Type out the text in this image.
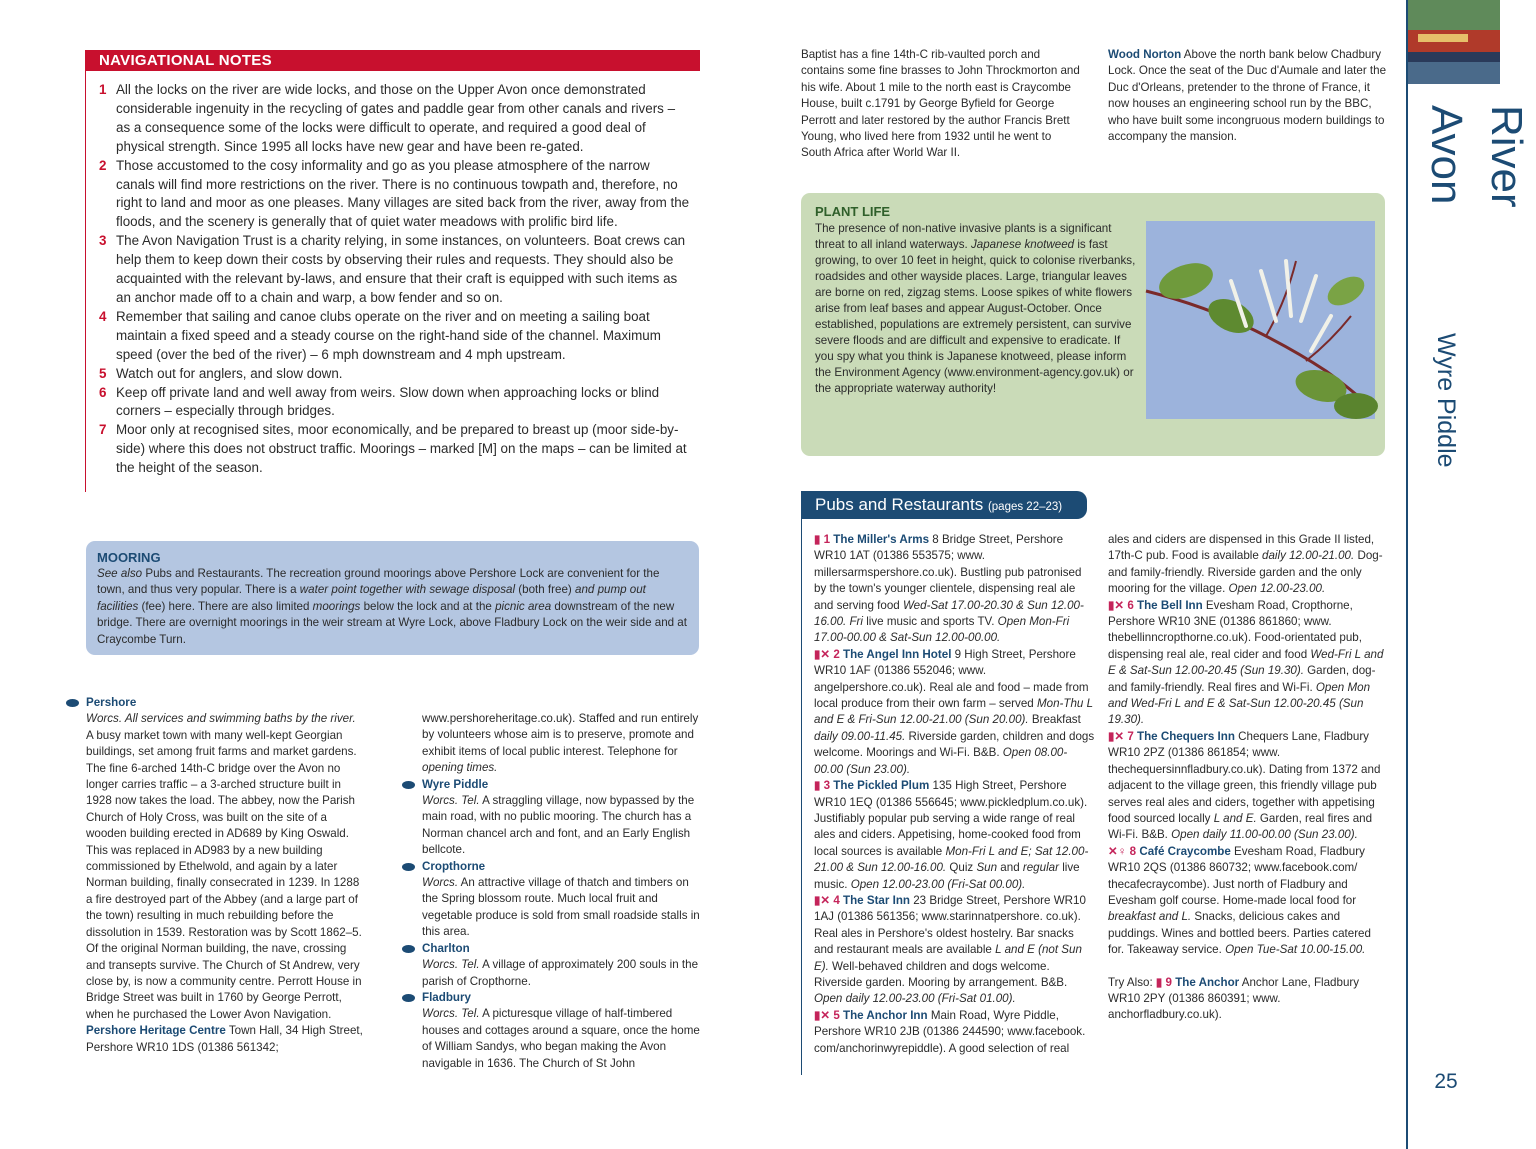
NAVIGATIONAL NOTES
1 All the locks on the river are wide locks, and those on the Upper Avon once demonstrated considerable ingenuity in the recycling of gates and paddle gear from other canals and rivers – as a consequence some of the locks were difficult to operate, and required a good deal of physical strength. Since 1995 all locks have new gear and have been re-gated.
2 Those accustomed to the cosy informality and go as you please atmosphere of the narrow canals will find more restrictions on the river. There is no continuous towpath and, therefore, no right to land and moor as one pleases. Many villages are sited back from the river, away from the floods, and the scenery is generally that of quiet water meadows with prolific bird life.
3 The Avon Navigation Trust is a charity relying, in some instances, on volunteers. Boat crews can help them to keep down their costs by observing their rules and requests. They should also be acquainted with the relevant by-laws, and ensure that their craft is equipped with such items as an anchor made off to a chain and warp, a bow fender and so on.
4 Remember that sailing and canoe clubs operate on the river and on meeting a sailing boat maintain a fixed speed and a steady course on the right-hand side of the channel. Maximum speed (over the bed of the river) – 6 mph downstream and 4 mph upstream.
5 Watch out for anglers, and slow down.
6 Keep off private land and well away from weirs. Slow down when approaching locks or blind corners – especially through bridges.
7 Moor only at recognised sites, moor economically, and be prepared to breast up (moor side-by-side) where this does not obstruct traffic. Moorings – marked [M] on the maps – can be limited at the height of the season.
MOORING

See also Pubs and Restaurants. The recreation ground moorings above Pershore Lock are convenient for the town, and thus very popular. There is a water point together with sewage disposal (both free) and pump out facilities (fee) here. There are also limited moorings below the lock and at the picnic area downstream of the new bridge. There are overnight moorings in the weir stream at Wyre Lock, above Fladbury Lock on the weir side and at Craycombe Turn.

Pershore

Worcs. All services and swimming baths by the river.

A busy market town with many well-kept Georgian buildings, set among fruit farms and market gardens. The fine 6-arched 14th-C bridge over the Avon no longer carries traffic – a 3-arched structure built in 1928 now takes the load. The abbey, now the Parish Church of Holy Cross, was built on the site of a wooden building erected in AD689 by King Oswald. This was replaced in AD983 by a new building commissioned by Ethelwold, and again by a later Norman building, finally consecrated in 1239. In 1288 a fire destroyed part of the Abbey (and a large part of the town) resulting in much rebuilding before the dissolution in 1539. Restoration was by Scott 1862–5. Of the original Norman building, the nave, crossing and transepts survive. The Church of St Andrew, very close by, is now a community centre. Perrott House in Bridge Street was built in 1760 by George Perrott, when he purchased the Lower Avon Navigation.

Pershore Heritage Centre Town Hall, 34 High Street, Pershore WR10 1DS (01386 561342;

www.pershoreheritage.co.uk). Staffed and run entirely by volunteers whose aim is to preserve, promote and exhibit items of local public interest. Telephone for opening times.

Wyre Piddle

Worcs. Tel. A straggling village, now bypassed by the main road, with no public mooring. The church has a Norman chancel arch and font, and an Early English bellcote.

Cropthorne

Worcs. An attractive village of thatch and timbers on the Spring blossom route. Much local fruit and vegetable produce is sold from small roadside stalls in this area.

Charlton

Worcs. Tel. A village of approximately 200 souls in the parish of Cropthorne.

Fladbury

Worcs. Tel. A picturesque village of half-timbered houses and cottages around a square, once the home of William Sandys, who began making the Avon navigable in 1636. The Church of St John

Baptist has a fine 14th-C rib-vaulted porch and contains some fine brasses to John Throckmorton and his wife. About 1 mile to the north east is Craycombe House, built c.1791 by George Byfield for George Perrott and later restored by the author Francis Brett Young, who lived here from 1932 until he went to South Africa after World War II.
Wood Norton Above the north bank below Chadbury Lock. Once the seat of the Duc d'Aumale and later the Duc d'Orleans, pretender to the throne of France, it now houses an engineering school run by the BBC, who have built some incongruous modern buildings to accompany the mansion.
PLANT LIFE

The presence of non-native invasive plants is a significant threat to all inland waterways. Japanese knotweed is fast growing, to over 10 feet in height, quick to colonise riverbanks, roadsides and other wayside places. Large, triangular leaves are borne on red, zigzag stems. Loose spikes of white flowers arise from leaf bases and appear August-October. Once established, populations are extremely persistent, can survive severe floods and are difficult and expensive to eradicate. If you spy what you think is Japanese knotweed, please inform the Environment Agency (www.environment-agency.gov.uk) or the appropriate waterway authority!

Pubs and Restaurants (pages 22–23)

▮ 1 The Miller's Arms 8 Bridge Street, Pershore WR10 1AT (01386 553575; www. millersarmspershore.co.uk). Bustling pub patronised by the town's younger clientele, dispensing real ale and serving food Wed-Sat 17.00-20.30 & Sun 12.00-16.00. Fri live music and sports TV. Open Mon-Fri 17.00-00.00 & Sat-Sun 12.00-00.00.

▮✕ 2 The Angel Inn Hotel 9 High Street, Pershore WR10 1AF (01386 552046; www. angelpershore.co.uk). Real ale and food – made from local produce from their own farm – served Mon-Thu L and E & Fri-Sun 12.00-21.00 (Sun 20.00). Breakfast daily 09.00-11.45. Riverside garden, children and dogs welcome. Moorings and Wi-Fi. B&B. Open 08.00-00.00 (Sun 23.00).

▮ 3 The Pickled Plum 135 High Street, Pershore WR10 1EQ (01386 556645; www.pickledplum.co.uk). Justifiably popular pub serving a wide range of real ales and ciders. Appetising, home-cooked food from local sources is available Mon-Fri L and E; Sat 12.00-21.00 & Sun 12.00-16.00. Quiz Sun and regular live music. Open 12.00-23.00 (Fri-Sat 00.00).

▮✕ 4 The Star Inn 23 Bridge Street, Pershore WR10 1AJ (01386 561356; www.starinnatpershore. co.uk). Real ales in Pershore's oldest hostelry. Bar snacks and restaurant meals are available L and E (not Sun E). Well-behaved children and dogs welcome. Riverside garden. Mooring by arrangement. B&B. Open daily 12.00-23.00 (Fri-Sat 01.00).

▮✕ 5 The Anchor Inn Main Road, Wyre Piddle, Pershore WR10 2JB (01386 244590; www.facebook. com/anchorinwyrepiddle). A good selection of real

ales and ciders are dispensed in this Grade II listed, 17th-C pub. Food is available daily 12.00-21.00. Dog- and family-friendly. Riverside garden and the only mooring for the village. Open 12.00-23.00.

▮✕ 6 The Bell Inn Evesham Road, Cropthorne, Pershore WR10 3NE (01386 861860; www. thebellinncropthorne.co.uk). Food-orientated pub, dispensing real ale, real cider and food Wed-Fri L and E & Sat-Sun 12.00-20.45 (Sun 19.30). Garden, dog- and family-friendly. Real fires and Wi-Fi. Open Mon and Wed-Fri L and E & Sat-Sun 12.00-20.45 (Sun 19.30).

▮✕ 7 The Chequers Inn Chequers Lane, Fladbury WR10 2PZ (01386 861854; www. thechequersinnfladbury.co.uk). Dating from 1372 and adjacent to the village green, this friendly village pub serves real ales and ciders, together with appetising food sourced locally L and E. Garden, real fires and Wi-Fi. B&B. Open daily 11.00-00.00 (Sun 23.00).

✕♀ 8 Café Craycombe Evesham Road, Fladbury WR10 2QS (01386 860732; www.facebook.com/ thecafecraycombe). Just north of Fladbury and Evesham golf course. Home-made local food for breakfast and L. Snacks, delicious cakes and puddings. Wines and bottled beers. Parties catered for. Takeaway service. Open Tue-Sat 10.00-15.00.

Try Also: ▮ 9 The Anchor Anchor Lane, Fladbury WR10 2PY (01386 860391; www. anchorfladbury.co.uk).

River Avon
Wyre Piddle
25
